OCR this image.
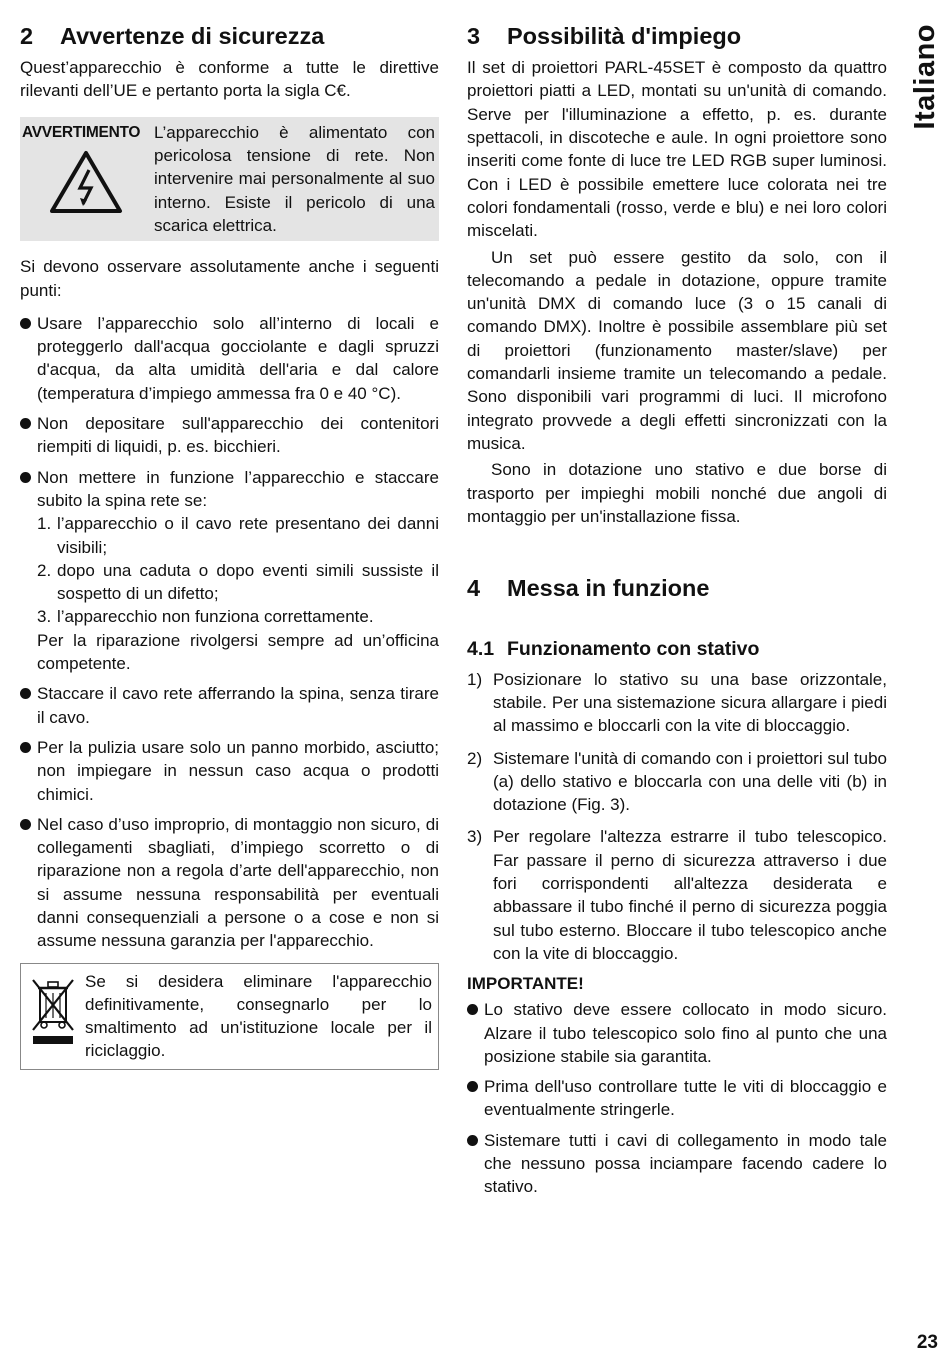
Italiano
2	Avvertenze di sicurezza

Quest’apparecchio è conforme a tutte le direttive rilevanti dell’UE e pertanto porta la sigla C€.

AVVERTIMENTO L’apparecchio è alimentato con pericolosa tensione di rete. Non intervenire mai personalmente al suo interno. Esiste il pericolo di una scarica elettrica.

Si devono osservare assolutamente anche i seguenti punti:

Usare l’apparecchio solo all’interno di locali e proteggerlo dall'acqua gocciolante e dagli spruzzi d'acqua, da alta umidità dell'aria e dal calore (temperatura d’impiego ammessa fra 0 e 40 °C).

Non depositare sull'apparecchio dei contenitori riempiti di liquidi, p. es. bicchieri.

Non mettere in funzione l’apparecchio e staccare subito la spina rete se:

1. l’apparecchio o il cavo rete presentano dei danni visibili;

2. dopo una caduta o dopo eventi simili sussiste il sospetto di un difetto;

3. l’apparecchio non funziona correttamente.

Per la riparazione rivolgersi sempre ad un’officina competente.

Staccare il cavo rete afferrando la spina, senza tirare il cavo.

Per la pulizia usare solo un panno morbido, asciutto; non impiegare in nessun caso acqua o prodotti chimici.

Nel caso d’uso improprio, di montaggio non sicuro, di collegamenti sbagliati, d’impiego scorretto o di riparazione non a regola d’arte dell'apparecchio, non si assume nessuna responsabilità per eventuali danni consequenziali a persone o a cose e non si assume nessuna garanzia per l'apparecchio.

Se si desidera eliminare l'apparecchio definitivamente, consegnarlo per lo smaltimento ad un'istituzione locale per il riciclaggio.

3	Possibilità d'impiego

Il set di proiettori PARL-45SET è composto da quattro proiettori piatti a LED, montati su un'unità di comando. Serve per l'illuminazione a effetto, p. es. durante spettacoli, in discoteche e aule. In ogni proiettore sono inseriti come fonte di luce tre LED RGB super luminosi. Con i LED è possibile emettere luce colorata nei tre colori fondamentali (rosso, verde e blu) e nei loro colori miscelati.

Un set può essere gestito da solo, con il telecomando a pedale in dotazione, oppure tramite un'unità DMX di comando luce (3 o 15 canali di comando DMX). Inoltre è possibile assemblare più set di proiettori (funzionamento master/slave) per comandarli insieme tramite un telecomando a pedale. Sono disponibili vari programmi di luci. Il microfono integrato provvede a degli effetti sincronizzati con la musica.

Sono in dotazione uno stativo e due borse di trasporto per impieghi mobili nonché due angoli di montaggio per un'installazione fissa.

4	Messa in funzione
4.1 Funzionamento con stativo
1) Posizionare lo stativo su una base orizzontale, stabile. Per una sistemazione sicura allargare i piedi al massimo e bloccarli con la vite di bloccaggio.

2) Sistemare l'unità di comando con i proiettori sul tubo (a) dello stativo e bloccarla con una delle viti (b) in dotazione (Fig. 3).

3) Per regolare l'altezza estrarre il tubo telescopico. Far passare il perno di sicurezza attraverso i due fori corrispondenti all'altezza desiderata e abbassare il tubo finché il perno di sicurezza poggia sul tubo esterno. Bloccare il tubo telescopico anche con la vite di bloccaggio.

IMPORTANTE!

Lo stativo deve essere collocato in modo sicuro. Alzare il tubo telescopico solo fino al punto che una posizione stabile sia garantita.

Prima dell'uso controllare tutte le viti di bloccaggio e eventualmente stringerle.

Sistemare tutti i cavi di collegamento in modo tale che nessuno possa inciampare facendo cadere lo stativo.

23
